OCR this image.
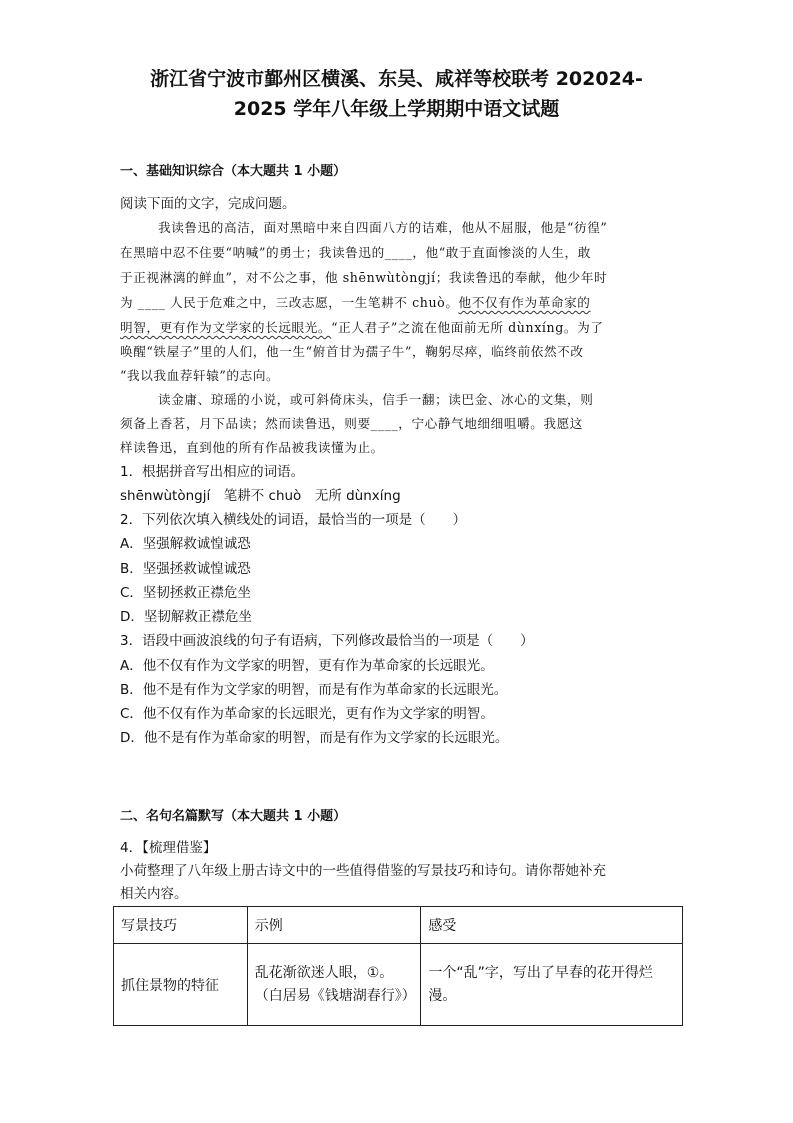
浙江省宁波市鄞州区横溪、东吴、咸祥等校联考 202024-
2025 学年八年级上学期期中语文试题
一、基础知识综合（本大题共 1 小题）
阅读下面的文字，完成问题。
我读鲁迅的高洁，面对黑暗中来自四面八方的诘难，他从不屈服，他是“彷徨”
在黑暗中忍不住要“呐喊”的勇士；我读鲁迅的____，他“敢于直面惨淡的人生，敢
于正视淋漓的鲜血”，对不公之事，他 shēnwùtòngjí；我读鲁迅的奉献，他少年时
为 ____ 人民于危难之中，三改志愿，一生笔耕不 chuò。他不仅有作为革命家的
明智，更有作为文学家的长远眼光。“正人君子”之流在他面前无所 dùnxíng。为了
唤醒“铁屋子”里的人们，他一生“俯首甘为孺子牛”，鞠躬尽瘁，临终前依然不改
“我以我血荐轩辕”的志向。
读金庸、琼瑶的小说，或可斜倚床头，信手一翻；读巴金、冰心的文集，则
须备上香茗，月下品读；然而读鲁迅，则要____，宁心静气地细细咀嚼。我愿这
样读鲁迅，直到他的所有作品被我读懂为止。
1．根据拼音写出相应的词语。
shēnwùtòngjí　笔耕不 chuò　无所 dùnxíng
2．下列依次填入横线处的词语，最恰当的一项是（　　）
A．坚强解救诚惶诚恐
B．坚强拯救诚惶诚恐
C．坚韧拯救正襟危坐
D．坚韧解救正襟危坐
3．语段中画波浪线的句子有语病，下列修改最恰当的一项是（　　）
A．他不仅有作为文学家的明智，更有作为革命家的长远眼光。
B．他不是有作为文学家的明智，而是有作为革命家的长远眼光。
C．他不仅有作为革命家的长远眼光，更有作为文学家的明智。
D．他不是有作为革命家的明智，而是有作为文学家的长远眼光。
二、名句名篇默写（本大题共 1 小题）
4．【梳理借鉴】
小荷整理了八年级上册古诗文中的一些值得借鉴的写景技巧和诗句。请你帮她补充
相关内容。
写景技巧	示例	感受
抓住景物的特征	乱花渐欲迷人眼，①。（白居易《钱塘湖春行》）	一个“乱”字，写出了早春的花开得烂漫。
